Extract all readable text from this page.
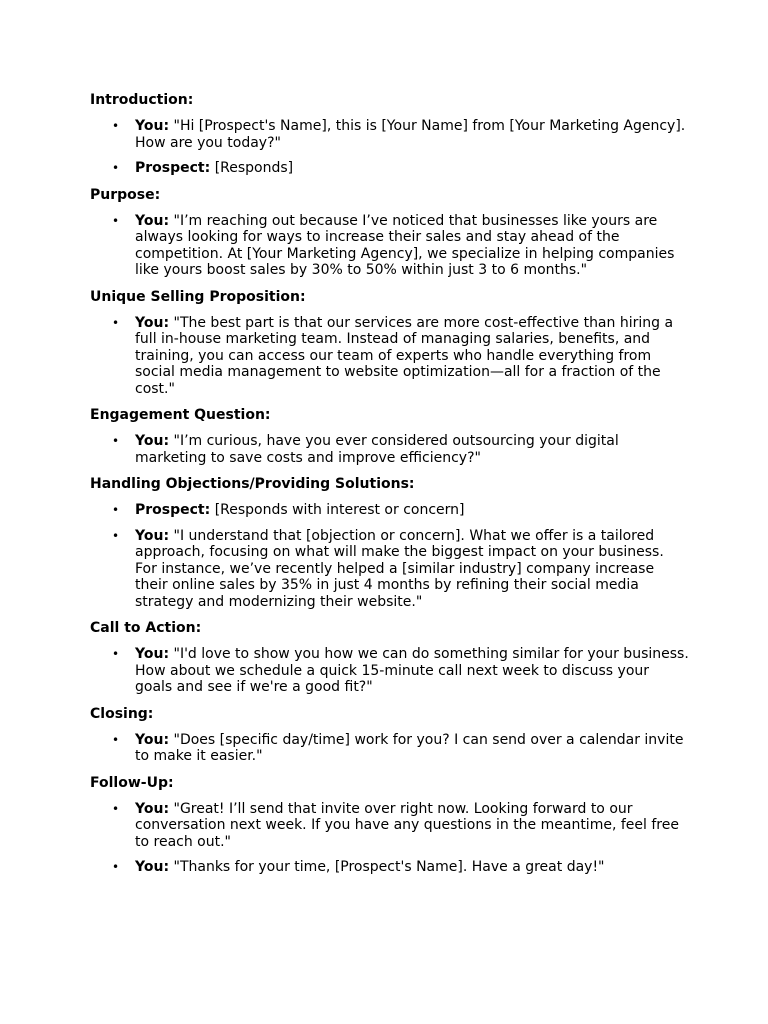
Introduction:
• You: "Hi [Prospect's Name], this is [Your Name] from [Your Marketing Agency]. How are you today?"
• Prospect: [Responds]
Purpose:
• You: "I’m reaching out because I’ve noticed that businesses like yours are always looking for ways to increase their sales and stay ahead of the competition. At [Your Marketing Agency], we specialize in helping companies like yours boost sales by 30% to 50% within just 3 to 6 months."
Unique Selling Proposition:
• You: "The best part is that our services are more cost-effective than hiring a full in-house marketing team. Instead of managing salaries, benefits, and training, you can access our team of experts who handle everything from social media management to website optimization—all for a fraction of the cost."
Engagement Question:
• You: "I’m curious, have you ever considered outsourcing your digital marketing to save costs and improve efficiency?"
Handling Objections/Providing Solutions:
• Prospect: [Responds with interest or concern]
• You: "I understand that [objection or concern]. What we offer is a tailored approach, focusing on what will make the biggest impact on your business. For instance, we’ve recently helped a [similar industry] company increase their online sales by 35% in just 4 months by refining their social media strategy and modernizing their website."
Call to Action:
• You: "I'd love to show you how we can do something similar for your business. How about we schedule a quick 15-minute call next week to discuss your goals and see if we're a good fit?"
Closing:
• You: "Does [specific day/time] work for you? I can send over a calendar invite to make it easier."
Follow-Up:
• You: "Great! I’ll send that invite over right now. Looking forward to our conversation next week. If you have any questions in the meantime, feel free to reach out."
• You: "Thanks for your time, [Prospect's Name]. Have a great day!"
